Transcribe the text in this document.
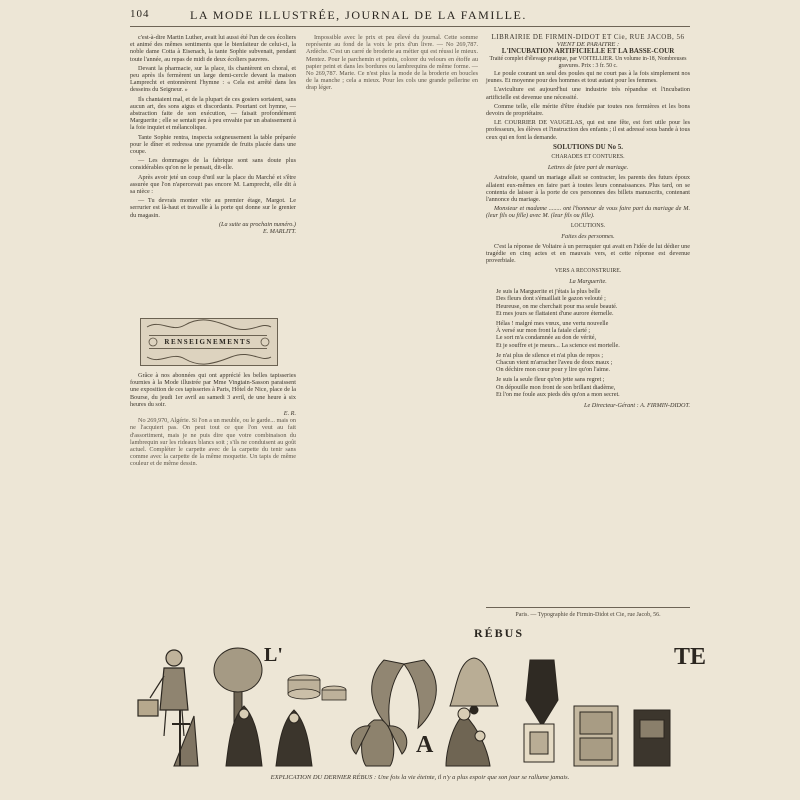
104	LA MODE ILLUSTRÉE, JOURNAL DE LA FAMILLE.

c'est-à-dire Martin Luther, avait lui aussi été l'un de ces écoliers et animé des mêmes sentiments que le bienfaiteur de celui-ci, la noble dame Cotta à Eisenach, la tante Sophie subvenait, pendant toute l'année, au repas de midi de deux écoliers pauvres.

Devant la pharmacie, sur la place, ils chantèrent en choral, et peu après ils fermèrent un large demi-cercle devant la maison Lamprecht et entonnèrent l'hymne : « Cela est arrêté dans les desseins du Seigneur. »

Ils chantaient mal, et de la plupart de ces gosiers sortaient, sans aucun art, des sons aigus et discordants. Pourtant cet hymne, — abstraction faite de son exécution, — faisait profondément Marguerite ; elle se sentait peu à peu envahie par un abaissement à la foie inquiet et mélancolique.

Tante Sophie rentra, inspecta soigneusement la table préparée pour le dîner et redressa une pyramide de fruits placée dans une coupe.

— Les dommages de la fabrique sont sans doute plus considérables qu'on ne le pensait, dit-elle.

Après avoir jeté un coup d'œil sur la place du Marché et s'être assurée que l'on n'apercevait pas encore M. Lamprecht, elle dit à sa nièce :

— Tu devrais monter vite au premier étage, Margot. Le serrurier est là-haut et travaille à la porte qui donne sur le grenier du magasin.

(La suite au prochain numéro.)
E. MARLITT.
RENSEIGNEMENTS

Grâce à nos abonnées qui ont apprécié les belles tapisseries fournies à la Mode illustrée par Mme Vingtain-Sasson paraissent une exposition de ces tapisseries à Paris, Hôtel de Nice, place de la Bourse, du jeudi 1er avril au samedi 3 avril, de une heure à six heures du soir.

E. R.

No 269,970, Algérie. Si l'on a un meuble, ou le garde... mais on ne l'acquiert pas. On peut tout ce que l'on veut au fait d'assortiment, mais je ne puis dire que votre combinaison du lambrequin sur les rideaux blancs soit ; s'ils ne conduisent au goût actuel. Compléter le carpette avec de la carpette du tenir sans comme avec la carpette de la même moquette. Un tapis de même couleur et de même dessin.

Impossible avec le prix et peu élevé du journal. Cette somme représente au fond de la voix le prix d'un livre. — No 269,787. Ardèche. C'est un carré de broderie au métier qui est réussi le mieux. Mentez. Pour le parchemin et peints, colorer du velours en étoffe au papier peint et dans les bordures ou lambrequins de même forme. — No 269,787. Marie. Ce n'est plus la mode de la broderie en boucles de la manche ; cela a mieux. Pour les cols une grande pellerine en drap léger.

LIBRAIRIE DE FIRMIN-DIDOT ET Cie, RUE JACOB, 56
VIENT DE PARAITRE :
L'INCUBATION ARTIFICIELLE ET LA BASSE-COUR
Traité complet d'élevage pratique, par VOITELLIER. Un volume in-18, Nombreuses gravures. Prix : 3 fr. 50 c.

Le poule courant un seul des poules qui ne court pas à la fois simplement nos jeunes. Et moyenne pour des hommes et tout autant pour les femmes.

L'aviculture est aujourd'hui une industrie très répandue et l'incubation artificielle est devenue une nécessité.

Comme telle, elle mérite d'être étudiée par toutes nos fermières et les bons devoirs de propriétaire.

LE COURRIER DE VAUGELAS, qui est une fête, est fort utile pour les professeurs, les élèves et l'instruction des enfants ; il est adressé sous bande à tous ceux qui en font la demande.

SOLUTIONS DU No 5.
CHARADES ET CONTURES.
Lettres de faire part de mariage.

Astrafoie, quand un mariage allait se contracter, les parents des futurs époux allaient eux-mêmes en faire part à toutes leurs connaissances. Plus tard, on se contenta de laisser à la porte de ces personnes des billets manuscrits, contenant l'annonce du mariage.

Monsieur et madame ........ ont l'honneur de vous faire part du mariage de M. (leur fils ou fille) avec M. (leur fils ou fille).

LOCUTIONS.
Faites des personnes.

C'est la réponse de Voltaire à un perruquier qui avait en l'idée de lui dédier une tragédie en cinq actes et en mauvais vers, et cette réponse est devenue proverbiale.

VERS A RECONSTRUIRE.
La Marguerite.
Je suis la Marguerite et j'étais la plus belle
Des fleurs dont s'émaillait le gazon velouté ;
Heureuse, on me cherchait pour ma seule beauté.
Et mes jours se flattaient d'une aurore éternelle.
Hélas ! malgré mes vœux, une vertu nouvelle
À versé sur mon front la fatale clarté ;
Le sort m'a condamnée au don de vérité,
Et je souffre et je meurs... La science est mortelle.
Je n'ai plus de silence et n'ai plus de repos ;
Chacun vient m'arracher l'aveu de doux maux ;
On déchire mon cœur pour y lire qu'on l'aime.
Je suis la seule fleur qu'on jette sans regret ;
On dépouille mon front de son brillant diadème,
Et l'on me foule aux pieds dès qu'on a mon secret.
Le Directeur-Gérant : A. FIRMIN-DIDOT.
Paris. — Typographie de Firmin-Didot et Cie, rue Jacob, 56.
RÉBUS
L'	TE
A
EXPLICATION DU DERNIER RÉBUS : Une fois la vie éteinte, il n'y a plus espoir que son jour se rallume jamais.
